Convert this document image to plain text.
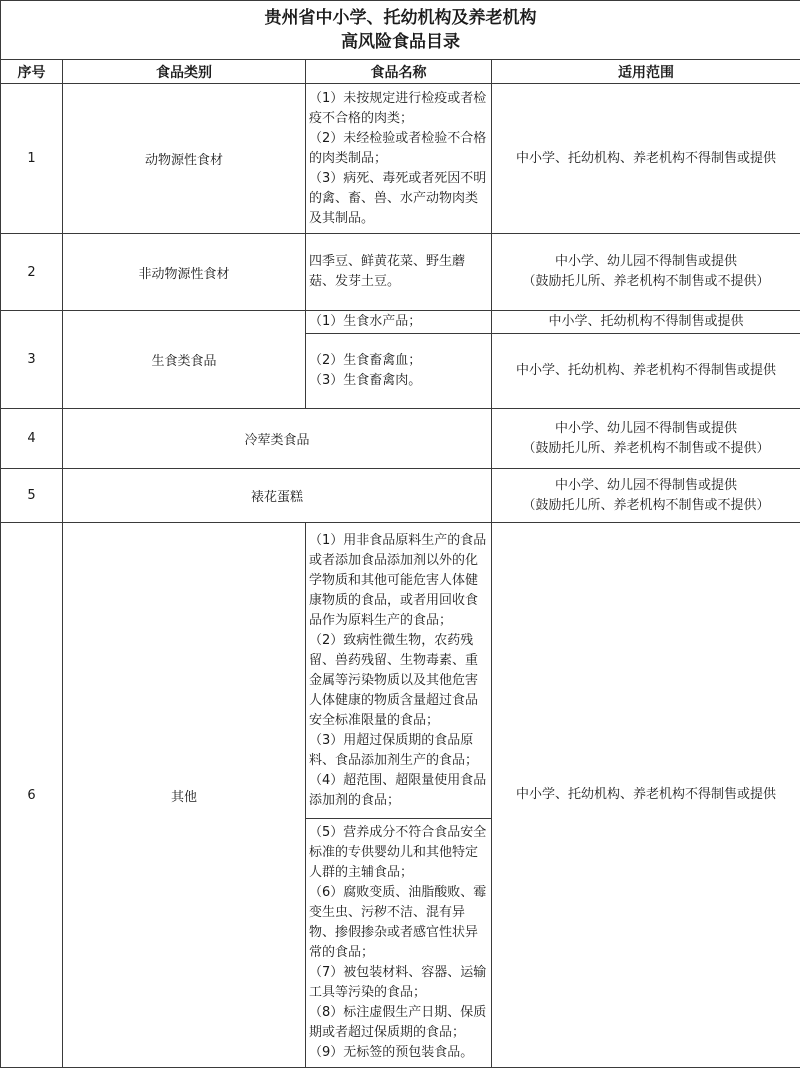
贵州省中小学、托幼机构及养老机构
高风险食品目录			

序号	食品类别	食品名称	适用范围
1	动物源性食材	（1）未按规定进行检疫或者检疫不合格的肉类；
（2）未经检验或者检验不合格的肉类制品；
（3）病死、毒死或者死因不明的禽、畜、兽、水产动物肉类及其制品。	中小学、托幼机构、养老机构不得制售或提供

2	非动物源性食材	四季豆、鲜黄花菜、野生蘑菇、发芽土豆。	中小学、幼儿园不得制售或提供
（鼓励托儿所、养老机构不制售或不提供）

3	生食类食品	（1）生食水产品；	中小学、托幼机构不得制售或提供

		（2）生食畜禽血；
（3）生食畜禽肉。	中小学、托幼机构、养老机构不得制售或提供

4	冷荤类食品		中小学、幼儿园不得制售或提供
（鼓励托儿所、养老机构不制售或不提供）

5	裱花蛋糕		中小学、幼儿园不得制售或提供
（鼓励托儿所、养老机构不制售或不提供）

6	其他	（1）用非食品原料生产的食品或者添加食品添加剂以外的化学物质和其他可能危害人体健康物质的食品，或者用回收食品作为原料生产的食品；
（2）致病性微生物，农药残留、兽药残留、生物毒素、重金属等污染物质以及其他危害人体健康的物质含量超过食品安全标准限量的食品；
（3）用超过保质期的食品原料、食品添加剂生产的食品；
（4）超范围、超限量使用食品添加剂的食品；	中小学、托幼机构、养老机构不得制售或提供

		（5）营养成分不符合食品安全标准的专供婴幼儿和其他特定人群的主辅食品；
（6）腐败变质、油脂酸败、霉变生虫、污秽不洁、混有异物、掺假掺杂或者感官性状异常的食品；
（7）被包装材料、容器、运输工具等污染的食品；
（8）标注虚假生产日期、保质期或者超过保质期的食品；
（9）无标签的预包装食品。	
